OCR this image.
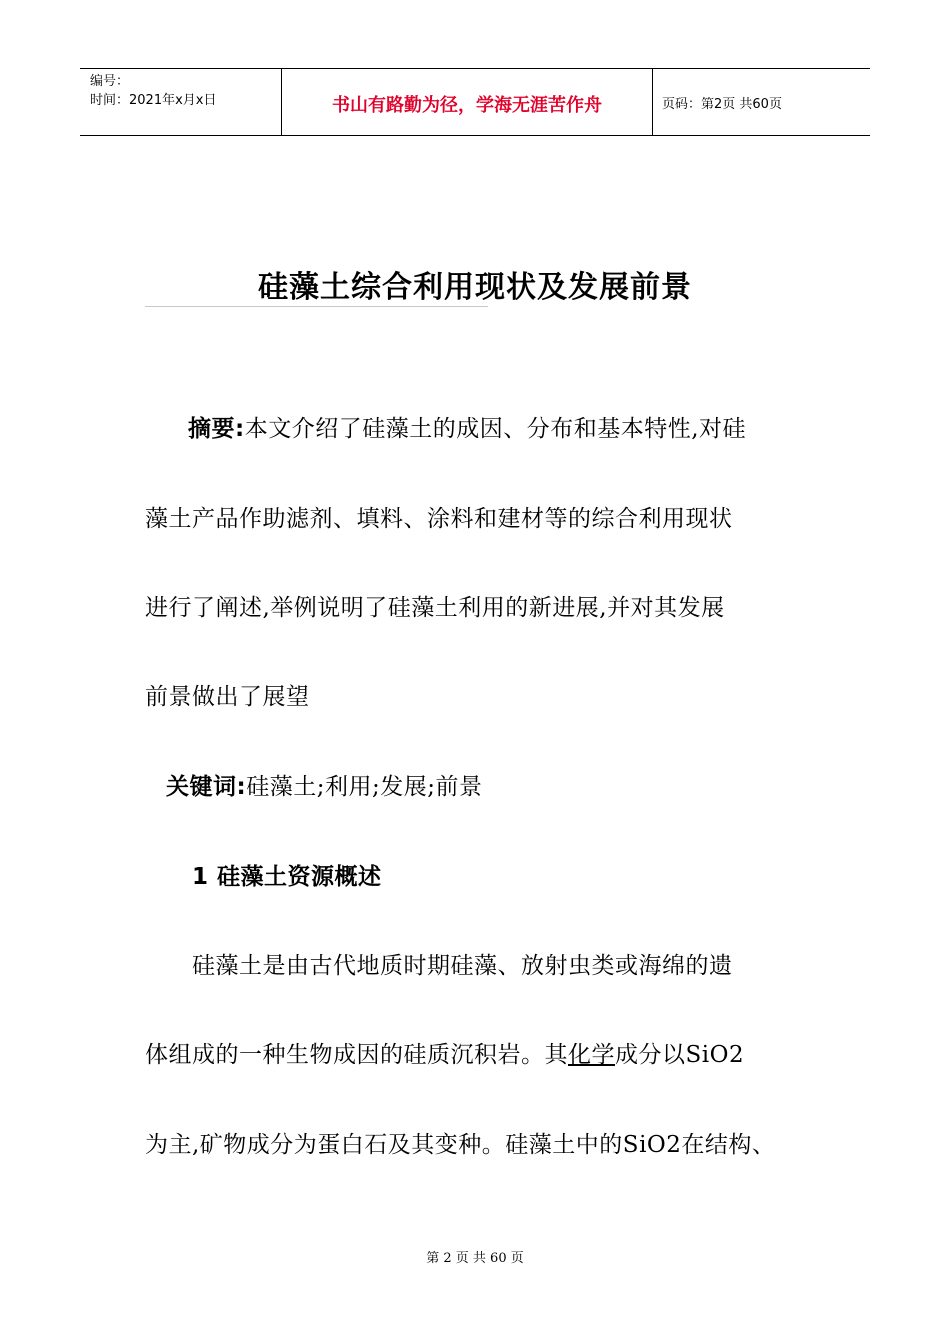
编号：
时间：2021年x月x日	书山有路勤为径，学海无涯苦作舟	页码：第2页 共60页
硅藻土综合利用现状及发展前景
摘要:本文介绍了硅藻土的成因、分布和基本特性,对硅
藻土产品作助滤剂、填料、涂料和建材等的综合利用现状
进行了阐述,举例说明了硅藻土利用的新进展,并对其发展
前景做出了展望
关键词:硅藻土;利用;发展;前景
1 硅藻土资源概述
硅藻土是由古代地质时期硅藻、放射虫类或海绵的遗
体组成的一种生物成因的硅质沉积岩。其化学成分以SiO2
为主,矿物成分为蛋白石及其变种。硅藻土中的SiO2在结构、
第 2 页 共 60 页
